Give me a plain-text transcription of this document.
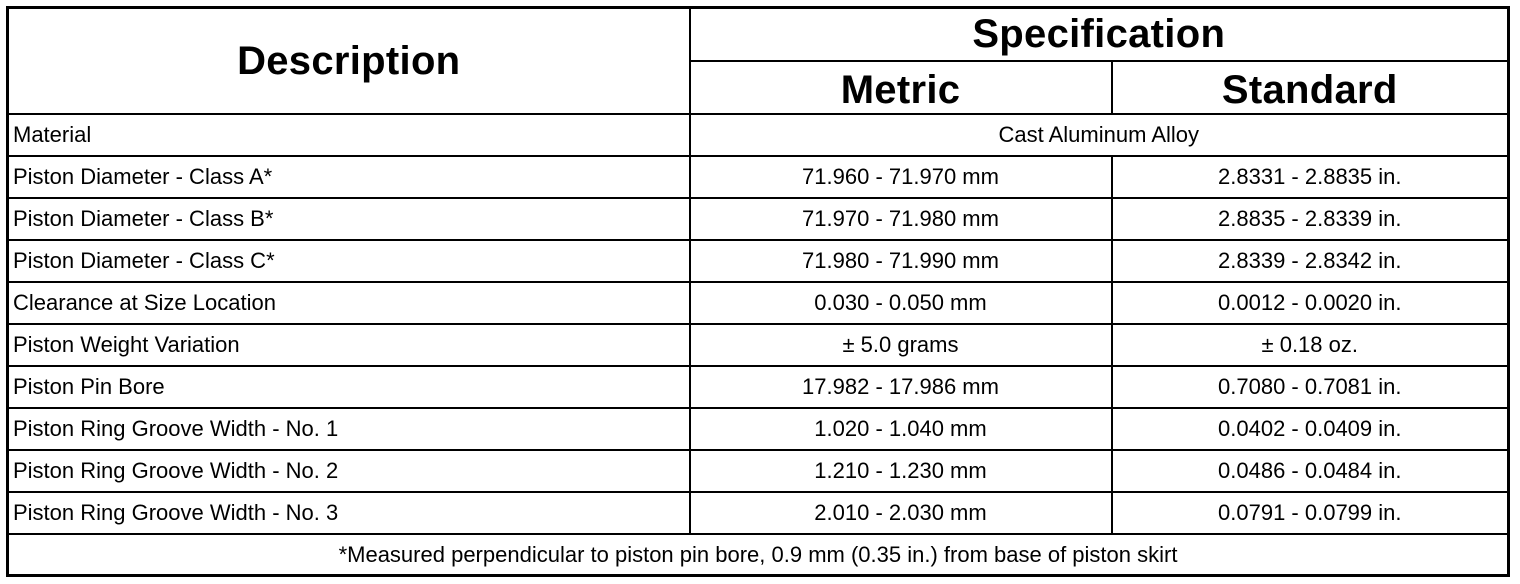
Description	Specification	
	Metric	Standard
Material	Cast Aluminum Alloy	
Piston Diameter - Class A*	71.960 - 71.970 mm	2.8331 - 2.8835 in.
Piston Diameter - Class B*	71.970 - 71.980 mm	2.8835 - 2.8339 in.
Piston Diameter - Class C*	71.980 - 71.990 mm	2.8339 - 2.8342 in.
Clearance at Size Location	0.030 - 0.050 mm	0.0012 - 0.0020 in.
Piston Weight Variation	± 5.0 grams	± 0.18 oz.
Piston Pin Bore	17.982 - 17.986 mm	0.7080 - 0.7081 in.
Piston Ring Groove Width - No. 1	1.020 - 1.040 mm	0.0402 - 0.0409 in.
Piston Ring Groove Width - No. 2	1.210 - 1.230 mm	0.0486 - 0.0484 in.
Piston Ring Groove Width - No. 3	2.010 - 2.030 mm	0.0791 - 0.0799 in.
*Measured perpendicular to piston pin bore, 0.9 mm (0.35 in.) from base of piston skirt		
